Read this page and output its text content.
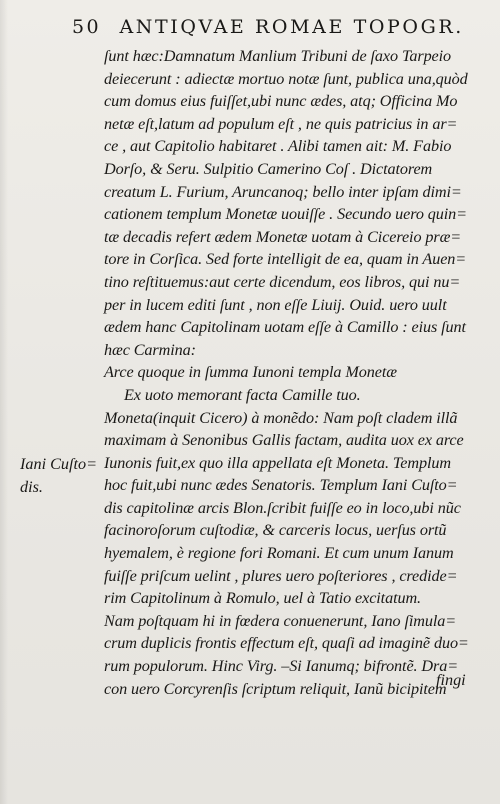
50 ANTIQVAE ROMAE TOPOGR.
ſunt hæc:Damnatum Manlium Tribuni de ſaxo Tarpeio
deiecerunt : adiectæ mortuo notæ ſunt, publica una,quòd
cum domus eius fuiſſet,ubi nunc ædes, atq; Officina Mo
netæ eſt,latum ad populum eſt , ne quis patricius in ar=
ce , aut Capitolio habitaret . Alibi tamen ait: M. Fabio
Dorſo, & Seru. Sulpitio Camerino Coſ . Dictatorem
creatum L. Furium, Aruncanoq; bello inter ipſam dimi=
cationem templum Monetæ uouiſſe . Secundo uero quin=
tæ decadis refert ædem Monetæ uotam à Cicereio præ=
tore in Corſica. Sed forte intelligit de ea, quam in Auen=
tino reſtituemus:aut certe dicendum, eos libros, qui nu=
per in lucem editi ſunt , non eſſe Liuij. Ouid. uero uult
ædem hanc Capitolinam uotam eſſe à Camillo : eius ſunt
hæc Carmina:
Arce quoque in ſumma Iunoni templa Monetæ
Ex uoto memorant facta Camille tuo.
Moneta(inquit Cicero) à monẽdo: Nam poſt cladem illã
maximam à Senonibus Gallis factam, audita uox ex arce
Iunonis fuit,ex quo illa appellata eſt Moneta. Templum
hoc fuit,ubi nunc ædes Senatoris. Templum Iani Cuſto=
dis capitolinæ arcis Blon.ſcribit fuiſſe eo in loco,ubi nũc
facinoroſorum cuſtodiæ, & carceris locus, uerſus ortũ
hyemalem, è regione fori Romani. Et cum unum Ianum
fuiſſe priſcum uelint , plures uero poſteriores , credide=
rim Capitolinum à Romulo, uel à Tatio excitatum.
Nam poſtquam hi in fœdera conuenerunt, Iano ſimula=
crum duplicis frontis effectum eſt, quaſi ad imaginẽ duo=
rum populorum. Hinc Virg. –Si Ianumq; bifrontẽ. Dra=
con uero Corcyrenſis ſcriptum reliquit, Ianũ bicipitem
Iani Cuſto=
dis.
fingi
